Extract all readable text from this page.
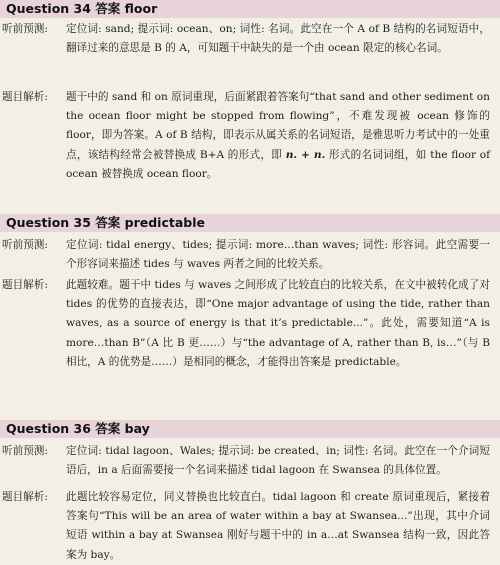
Question 34 答案 floor
听前预测: 定位词: sand; 提示词: ocean、on; 词性: 名词。此空在一个 A of B 结构的名词短语中，翻译过来的意思是 B 的 A，可知题干中缺失的是一个由 ocean 限定的核心名词。
题目解析: 题干中的 sand 和 on 原词重现，后面紧跟着答案句“that sand and other sediment on the ocean floor might be stopped from flowing”，不难发现被 ocean 修饰的 floor，即为答案。A of B 结构，即表示从属关系的名词短语，是雅思听力考试中的一处重点，该结构经常会被替换成 B+A 的形式，即 n. + n. 形式的名词词组，如 the floor of ocean 被替换成 ocean floor。
Question 35 答案 predictable
听前预测: 定位词: tidal energy、tides; 提示词: more…than waves; 词性: 形容词。此空需要一个形容词来描述 tides 与 waves 两者之间的比较关系。
题目解析: 此题较难。题干中 tides 与 waves 之间形成了比较直白的比较关系，在文中被转化成了对 tides 的优势的直接表达，即“One major advantage of using the tide, rather than waves, as a source of energy is that it’s predictable...”。此处，需要知道“A is more…than B”（A 比 B 更……）与“the advantage of A, rather than B, is…”（与 B 相比，A 的优势是……）是相同的概念，才能得出答案是 predictable。
Question 36 答案 bay
听前预测: 定位词: tidal lagoon、Wales; 提示词: be created、in; 词性: 名词。此空在一个介词短语后，in a 后面需要接一个名词来描述 tidal lagoon 在 Swansea 的具体位置。
题目解析: 此题比较容易定位，同义替换也比较直白。tidal lagoon 和 create 原词重现后，紧接着答案句“This will be an area of water within a bay at Swansea...”出现，其中介词短语 within a bay at Swansea 刚好与题干中的 in a…at Swansea 结构一致，因此答案为 bay。
